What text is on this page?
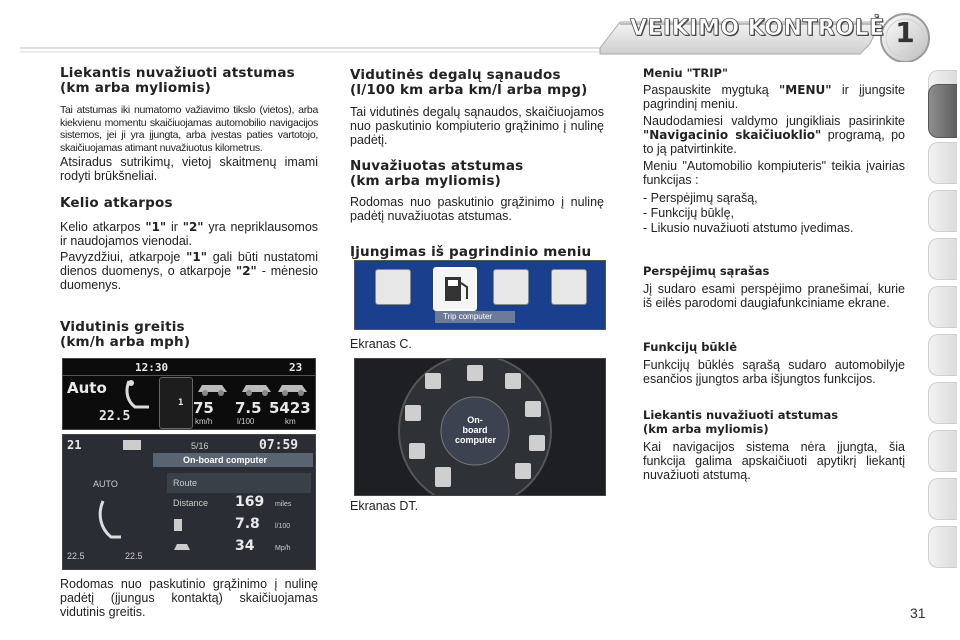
VEIKIMO KONTROLĖ 1
Liekantis nuvažiuoti atstumas
(km arba myliomis)

Tai atstumas iki numatomo važiavimo tikslo (vietos), arba kiekvienu momentu skaičiuojamas automobilio navigacijos sistemos, jei ji yra įjungta, arba įvestas paties vartotojo, skaičiuojamas atimant nuvažiuotus kilometrus.

Atsiradus sutrikimų, vietoj skaitmenų imami rodyti brūkšneliai.

Kelio atkarpos

Kelio atkarpos "1" ir "2" yra nepriklausomos ir naudojamos vienodai.

Pavyzdžiui, atkarpoje "1" gali būti nustatomi dienos duomenys, o atkarpoje "2" - mėnesio duomenys.

Vidutinis greitis
(km/h arba mph)
12:30	23
Auto
22.5
1 75
km/h
7.5
l/100
5423
km
21	5/16	07:59
On-board computer
AUTO
22.5	22.5
Route
Distance 169 miles
7.8 l/100
34	Mp/h

Rodomas nuo paskutinio grąžinimo į nulinę padėtį (įjungus kontaktą) skaičiuojamas vidutinis greitis.

Vidutinės degalų sąnaudos
(l/100 km arba km/l arba mpg)

Tai vidutinės degalų sąnaudos, skaičiuojamos nuo paskutinio kompiuterio grąžinimo į nulinę padėtį.

Nuvažiuotas atstumas
(km arba myliomis)

Rodomas nuo paskutinio grąžinimo į nulinę padėtį nuvažiuotas atstumas.

Įjungimas iš pagrindinio meniu
Trip computer
Ekranas C.
On-board
computer
Ekranas DT.
Meniu "TRIP"

Paspauskite mygtuką "MENU" ir įjungsite pagrindinį meniu.

Naudodamiesi valdymo jungikliais pasirinkite "Navigacinio skaičiuoklio" programą, po to ją patvirtinkite.

Meniu "Automobilio kompiuteris" teikia įvairias funkcijas :

- Perspėjimų sąrašą,
- Funkcijų būklę,
- Likusio nuvažiuoti atstumo įvedimas.
Perspėjimų sąrašas

Jį sudaro esami perspėjimo pranešimai, kurie iš eilės parodomi daugiafunkciniame ekrane.

Funkcijų būklė

Funkcijų būklės sąrašą sudaro automobilyje esančios įjungtos arba išjungtos funkcijos.

Liekantis nuvažiuoti atstumas
(km arba myliomis)

Kai navigacijos sistema nėra įjungta, šia funkcija galima apskaičiuoti apytikrį liekantį nuvažiuoti atstumą.

31
